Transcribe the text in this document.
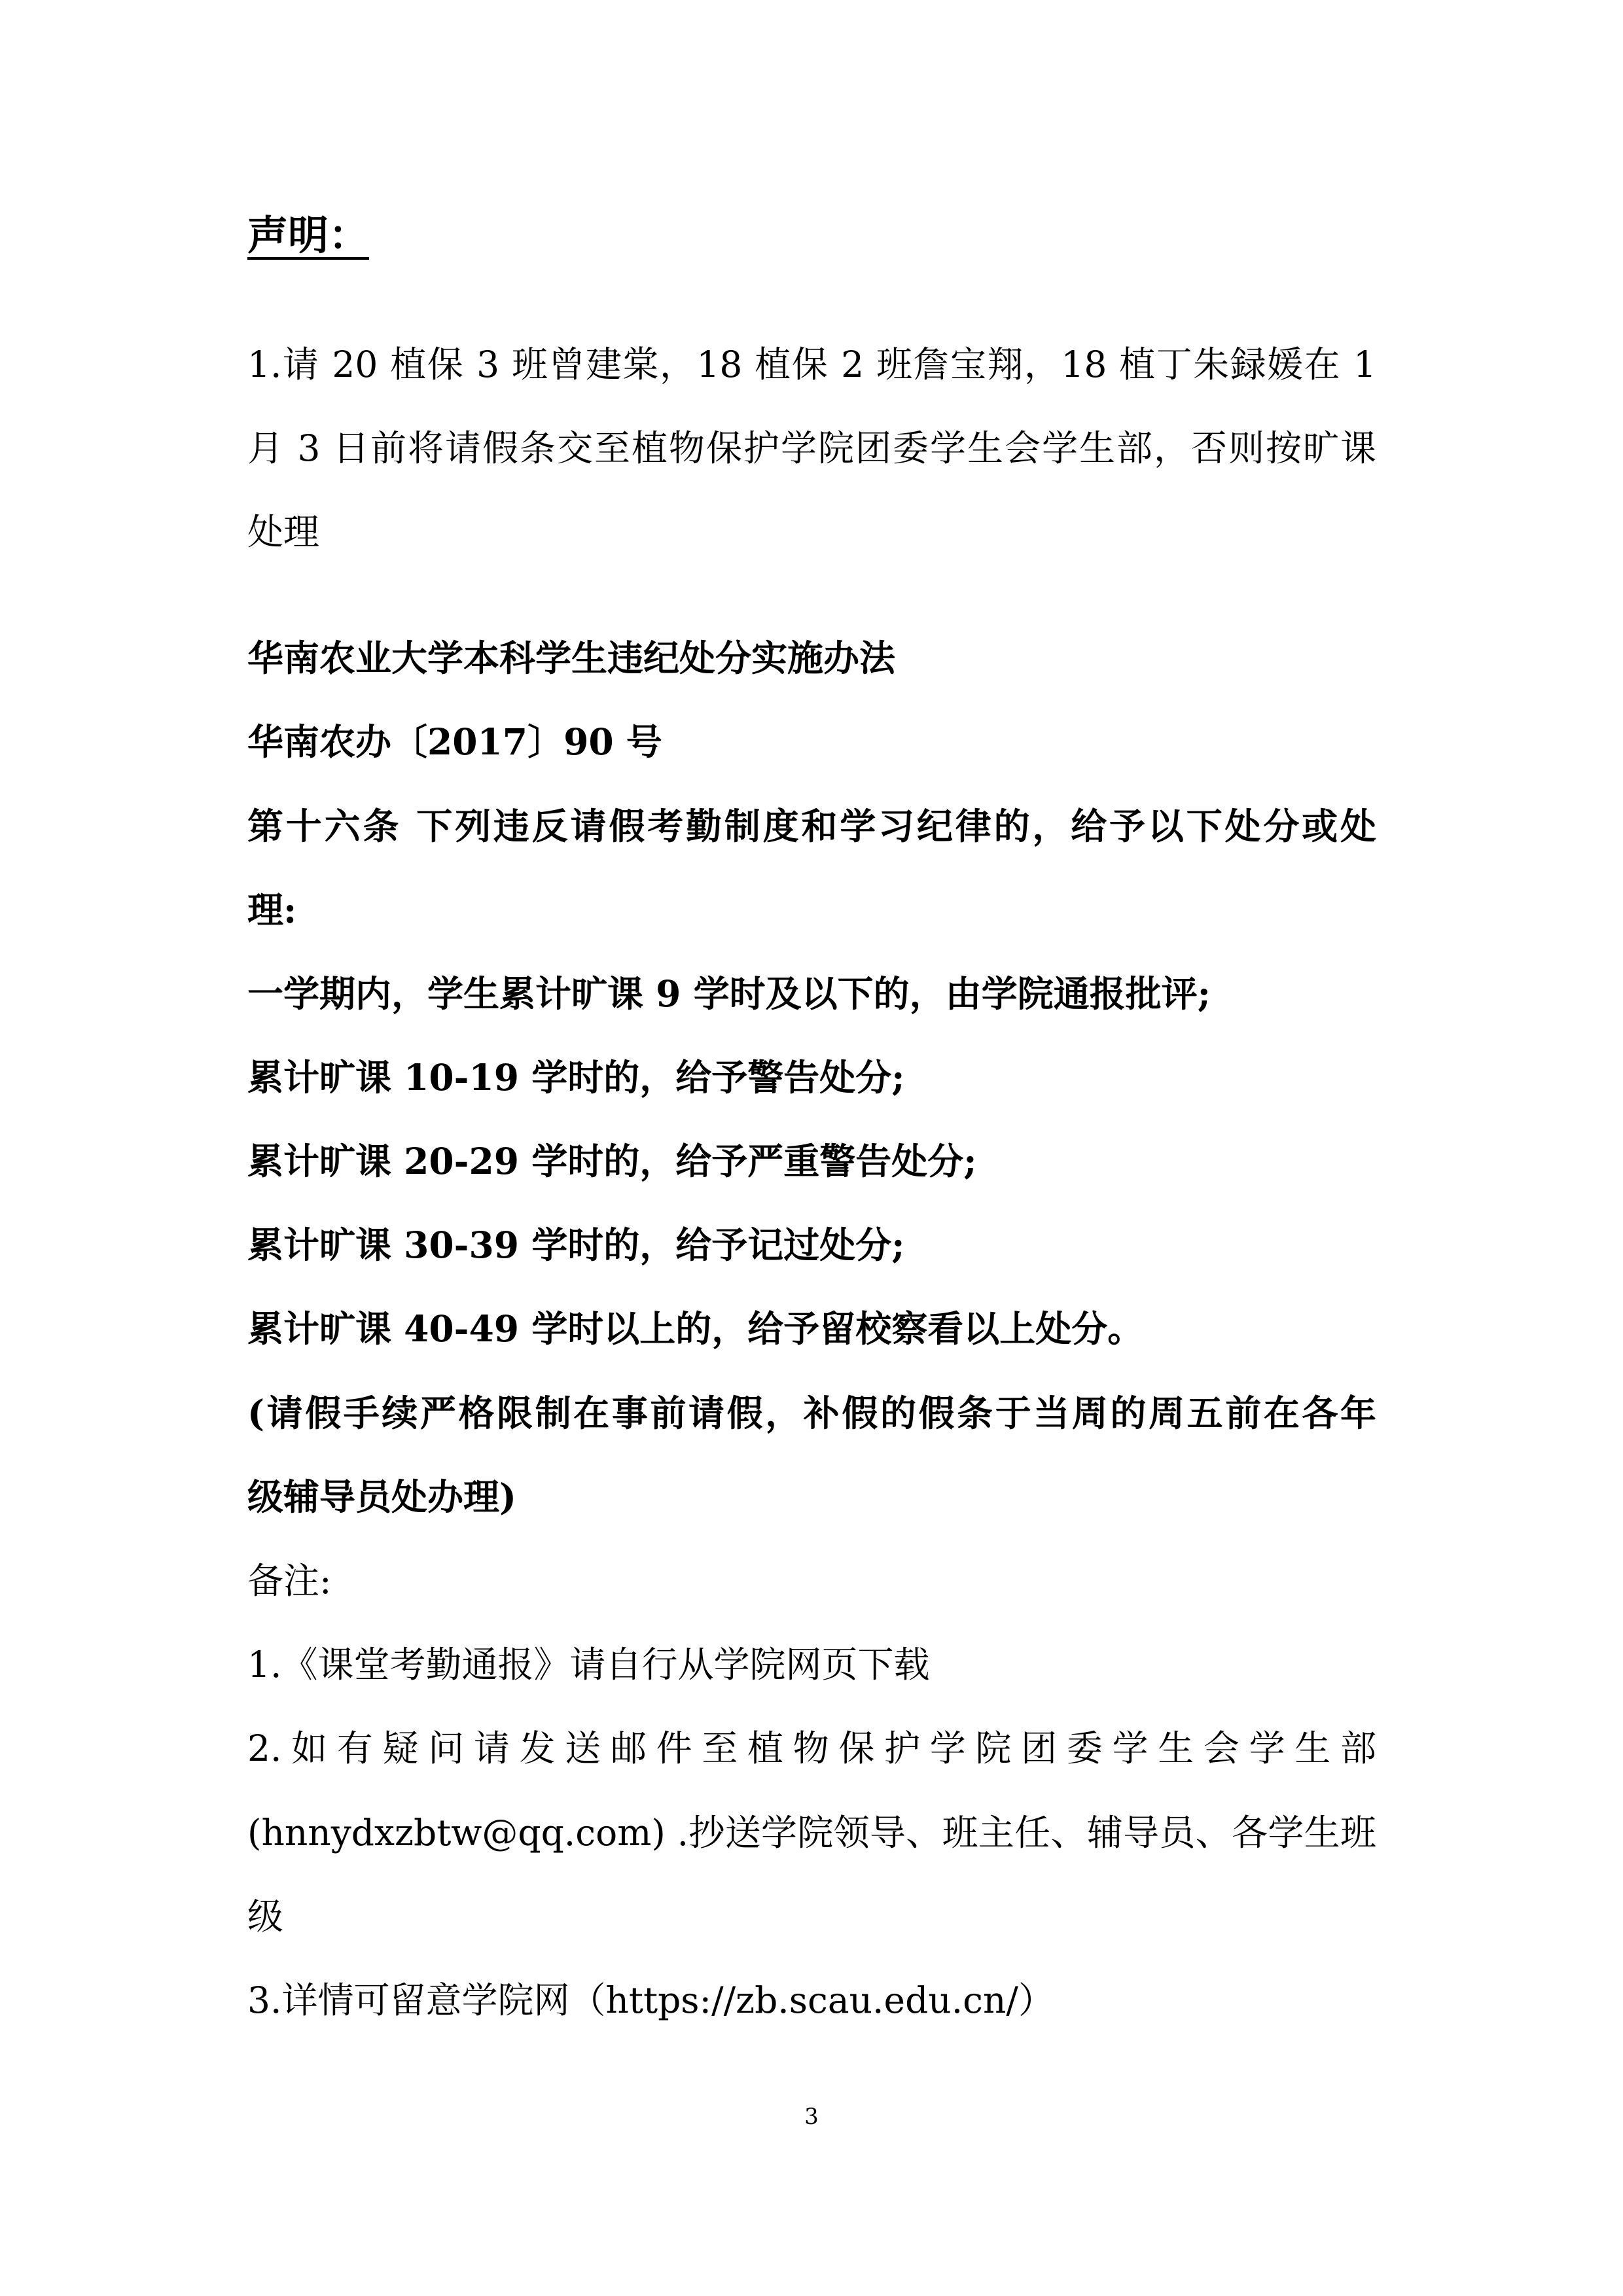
声明：
1.请 20 植保 3 班曾建棠，18 植保 2 班詹宝翔，18 植丁朱録媛在 1
月 3 日前将请假条交至植物保护学院团委学生会学生部，否则按旷课
处理
华南农业大学本科学生违纪处分实施办法
华南农办〔2017〕90 号
第十六条 下列违反请假考勤制度和学习纪律的，给予以下处分或处
理:
一学期内，学生累计旷课 9 学时及以下的，由学院通报批评;
累计旷课 10-19 学时的，给予警告处分;
累计旷课 20-29 学时的，给予严重警告处分;
累计旷课 30-39 学时的，给予记过处分;
累计旷课 40-49 学时以上的，给予留校察看以上处分。
(请假手续严格限制在事前请假，补假的假条于当周的周五前在各年
级辅导员处办理)
备注:
1.《课堂考勤通报》请自行从学院网页下载
2.如有疑问请发送邮件至植物保护学院团委学生会学生部
(hnnydxzbtw@qq.com) .抄送学院领导、班主任、辅导员、各学生班
级
3.详情可留意学院网（https://zb.scau.edu.cn/）
3
